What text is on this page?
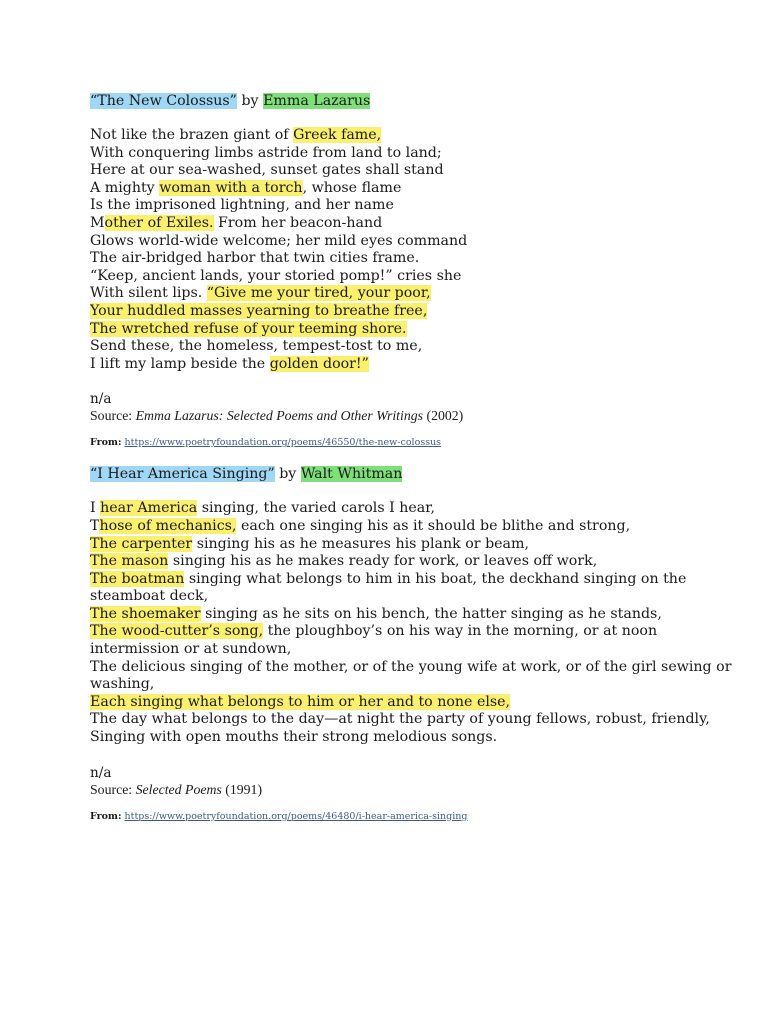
“The New Colossus” by Emma Lazarus

Not like the brazen giant of Greek fame,
With conquering limbs astride from land to land;
Here at our sea-washed, sunset gates shall stand
A mighty woman with a torch, whose flame
Is the imprisoned lightning, and her name
Mother of Exiles. From her beacon-hand
Glows world-wide welcome; her mild eyes command
The air-bridged harbor that twin cities frame.
“Keep, ancient lands, your storied pomp!” cries she
With silent lips. “Give me your tired, your poor,
Your huddled masses yearning to breathe free,
The wretched refuse of your teeming shore.
Send these, the homeless, tempest-tost to me,
I lift my lamp beside the golden door!”
n/a
Source: Emma Lazarus: Selected Poems and Other Writings (2002)
From: https://www.poetryfoundation.org/poems/46550/the-new-colossus

“I Hear America Singing” by Walt Whitman

I hear America singing, the varied carols I hear,
Those of mechanics, each one singing his as it should be blithe and strong,
The carpenter singing his as he measures his plank or beam,
The mason singing his as he makes ready for work, or leaves off work,
The boatman singing what belongs to him in his boat, the deckhand singing on the
steamboat deck,
The shoemaker singing as he sits on his bench, the hatter singing as he stands,
The wood-cutter’s song, the ploughboy’s on his way in the morning, or at noon
intermission or at sundown,
The delicious singing of the mother, or of the young wife at work, or of the girl sewing or
washing,
Each singing what belongs to him or her and to none else,
The day what belongs to the day—at night the party of young fellows, robust, friendly,
Singing with open mouths their strong melodious songs.
n/a
Source: Selected Poems (1991)
From: https://www.poetryfoundation.org/poems/46480/i-hear-america-singing
